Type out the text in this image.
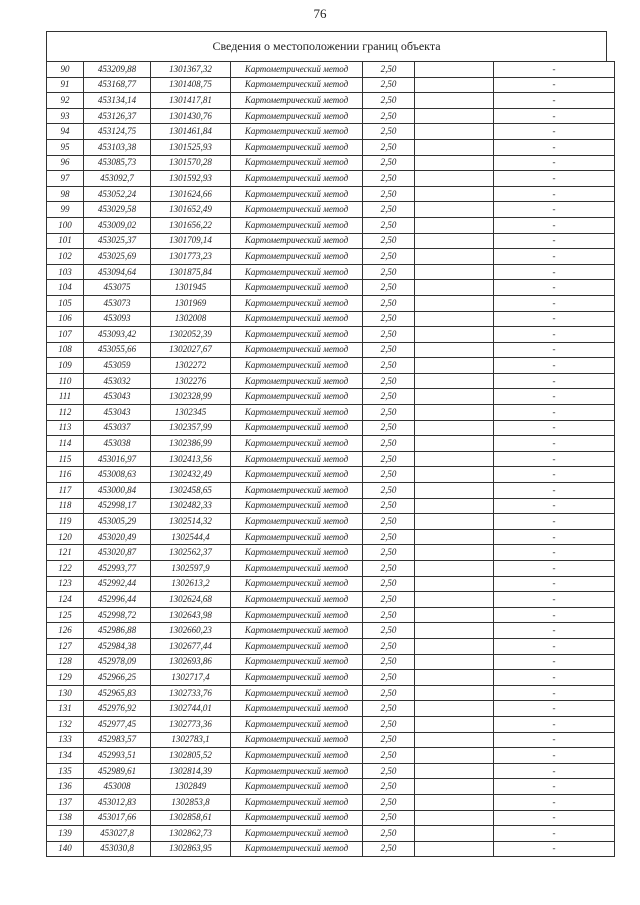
76
Сведения о местоположении границ объекта
90	453209,88	1301367,32	Картометрический метод	2,50		-
91	453168,77	1301408,75	Картометрический метод	2,50		-
92	453134,14	1301417,81	Картометрический метод	2,50		-
93	453126,37	1301430,76	Картометрический метод	2,50		-
94	453124,75	1301461,84	Картометрический метод	2,50		-
95	453103,38	1301525,93	Картометрический метод	2,50		-
96	453085,73	1301570,28	Картометрический метод	2,50		-
97	453092,7	1301592,93	Картометрический метод	2,50		-
98	453052,24	1301624,66	Картометрический метод	2,50		-
99	453029,58	1301652,49	Картометрический метод	2,50		-
100	453009,02	1301656,22	Картометрический метод	2,50		-
101	453025,37	1301709,14	Картометрический метод	2,50		-
102	453025,69	1301773,23	Картометрический метод	2,50		-
103	453094,64	1301875,84	Картометрический метод	2,50		-
104	453075	1301945	Картометрический метод	2,50		-
105	453073	1301969	Картометрический метод	2,50		-
106	453093	1302008	Картометрический метод	2,50		-
107	453093,42	1302052,39	Картометрический метод	2,50		-
108	453055,66	1302027,67	Картометрический метод	2,50		-
109	453059	1302272	Картометрический метод	2,50		-
110	453032	1302276	Картометрический метод	2,50		-
111	453043	1302328,99	Картометрический метод	2,50		-
112	453043	1302345	Картометрический метод	2,50		-
113	453037	1302357,99	Картометрический метод	2,50		-
114	453038	1302386,99	Картометрический метод	2,50		-
115	453016,97	1302413,56	Картометрический метод	2,50		-
116	453008,63	1302432,49	Картометрический метод	2,50		-
117	453000,84	1302458,65	Картометрический метод	2,50		-
118	452998,17	1302482,33	Картометрический метод	2,50		-
119	453005,29	1302514,32	Картометрический метод	2,50		-
120	453020,49	1302544,4	Картометрический метод	2,50		-
121	453020,87	1302562,37	Картометрический метод	2,50		-
122	452993,77	1302597,9	Картометрический метод	2,50		-
123	452992,44	1302613,2	Картометрический метод	2,50		-
124	452996,44	1302624,68	Картометрический метод	2,50		-
125	452998,72	1302643,98	Картометрический метод	2,50		-
126	452986,88	1302660,23	Картометрический метод	2,50		-
127	452984,38	1302677,44	Картометрический метод	2,50		-
128	452978,09	1302693,86	Картометрический метод	2,50		-
129	452966,25	1302717,4	Картометрический метод	2,50		-
130	452965,83	1302733,76	Картометрический метод	2,50		-
131	452976,92	1302744,01	Картометрический метод	2,50		-
132	452977,45	1302773,36	Картометрический метод	2,50		-
133	452983,57	1302783,1	Картометрический метод	2,50		-
134	452993,51	1302805,52	Картометрический метод	2,50		-
135	452989,61	1302814,39	Картометрический метод	2,50		-
136	453008	1302849	Картометрический метод	2,50		-
137	453012,83	1302853,8	Картометрический метод	2,50		-
138	453017,66	1302858,61	Картометрический метод	2,50		-
139	453027,8	1302862,73	Картометрический метод	2,50		-
140	453030,8	1302863,95	Картометрический метод	2,50		-
